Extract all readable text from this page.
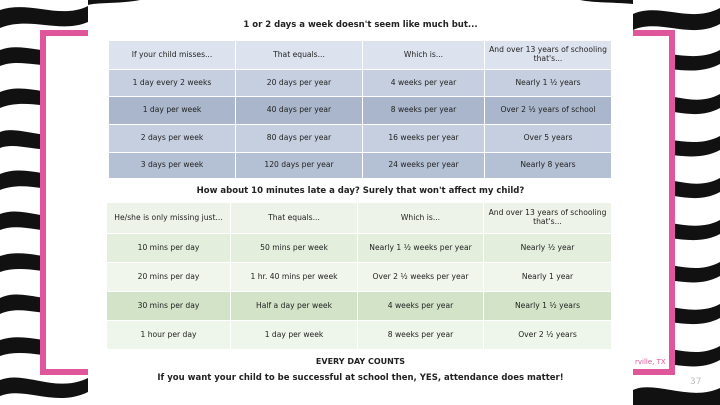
1 or 2 days a week doesn't seem like much but...
If your child misses...	That equals...	Which is...	And over 13 years of schooling that's...
1 day every 2 weeks	20 days per year	4 weeks per year	Nearly 1 ½ years
1 day per week	40 days per year	8 weeks per year	Over 2 ½ years of school
2 days per week	80 days per year	16 weeks per year	Over 5 years
3 days per week	120 days per year	24 weeks per year	Nearly 8 years
How about 10 minutes late a day? Surely that won't affect my child?
He/she is only missing just...	That equals...	Which is...	And over 13 years of schooling that's...
10 mins per day	50 mins per week	Nearly 1 ½ weeks per year	Nearly ½ year
20 mins per day	1 hr. 40 mins per week	Over 2 ½ weeks per year	Nearly 1 year
30 mins per day	Half a day per week	4 weeks per year	Nearly 1 ½ years
1 hour per day	1 day per week	8 weeks per year	Over 2 ½ years
EVERY DAY COUNTS
If you want your child to be successful at school then, YES, attendance does matter!
rville, TX
37
